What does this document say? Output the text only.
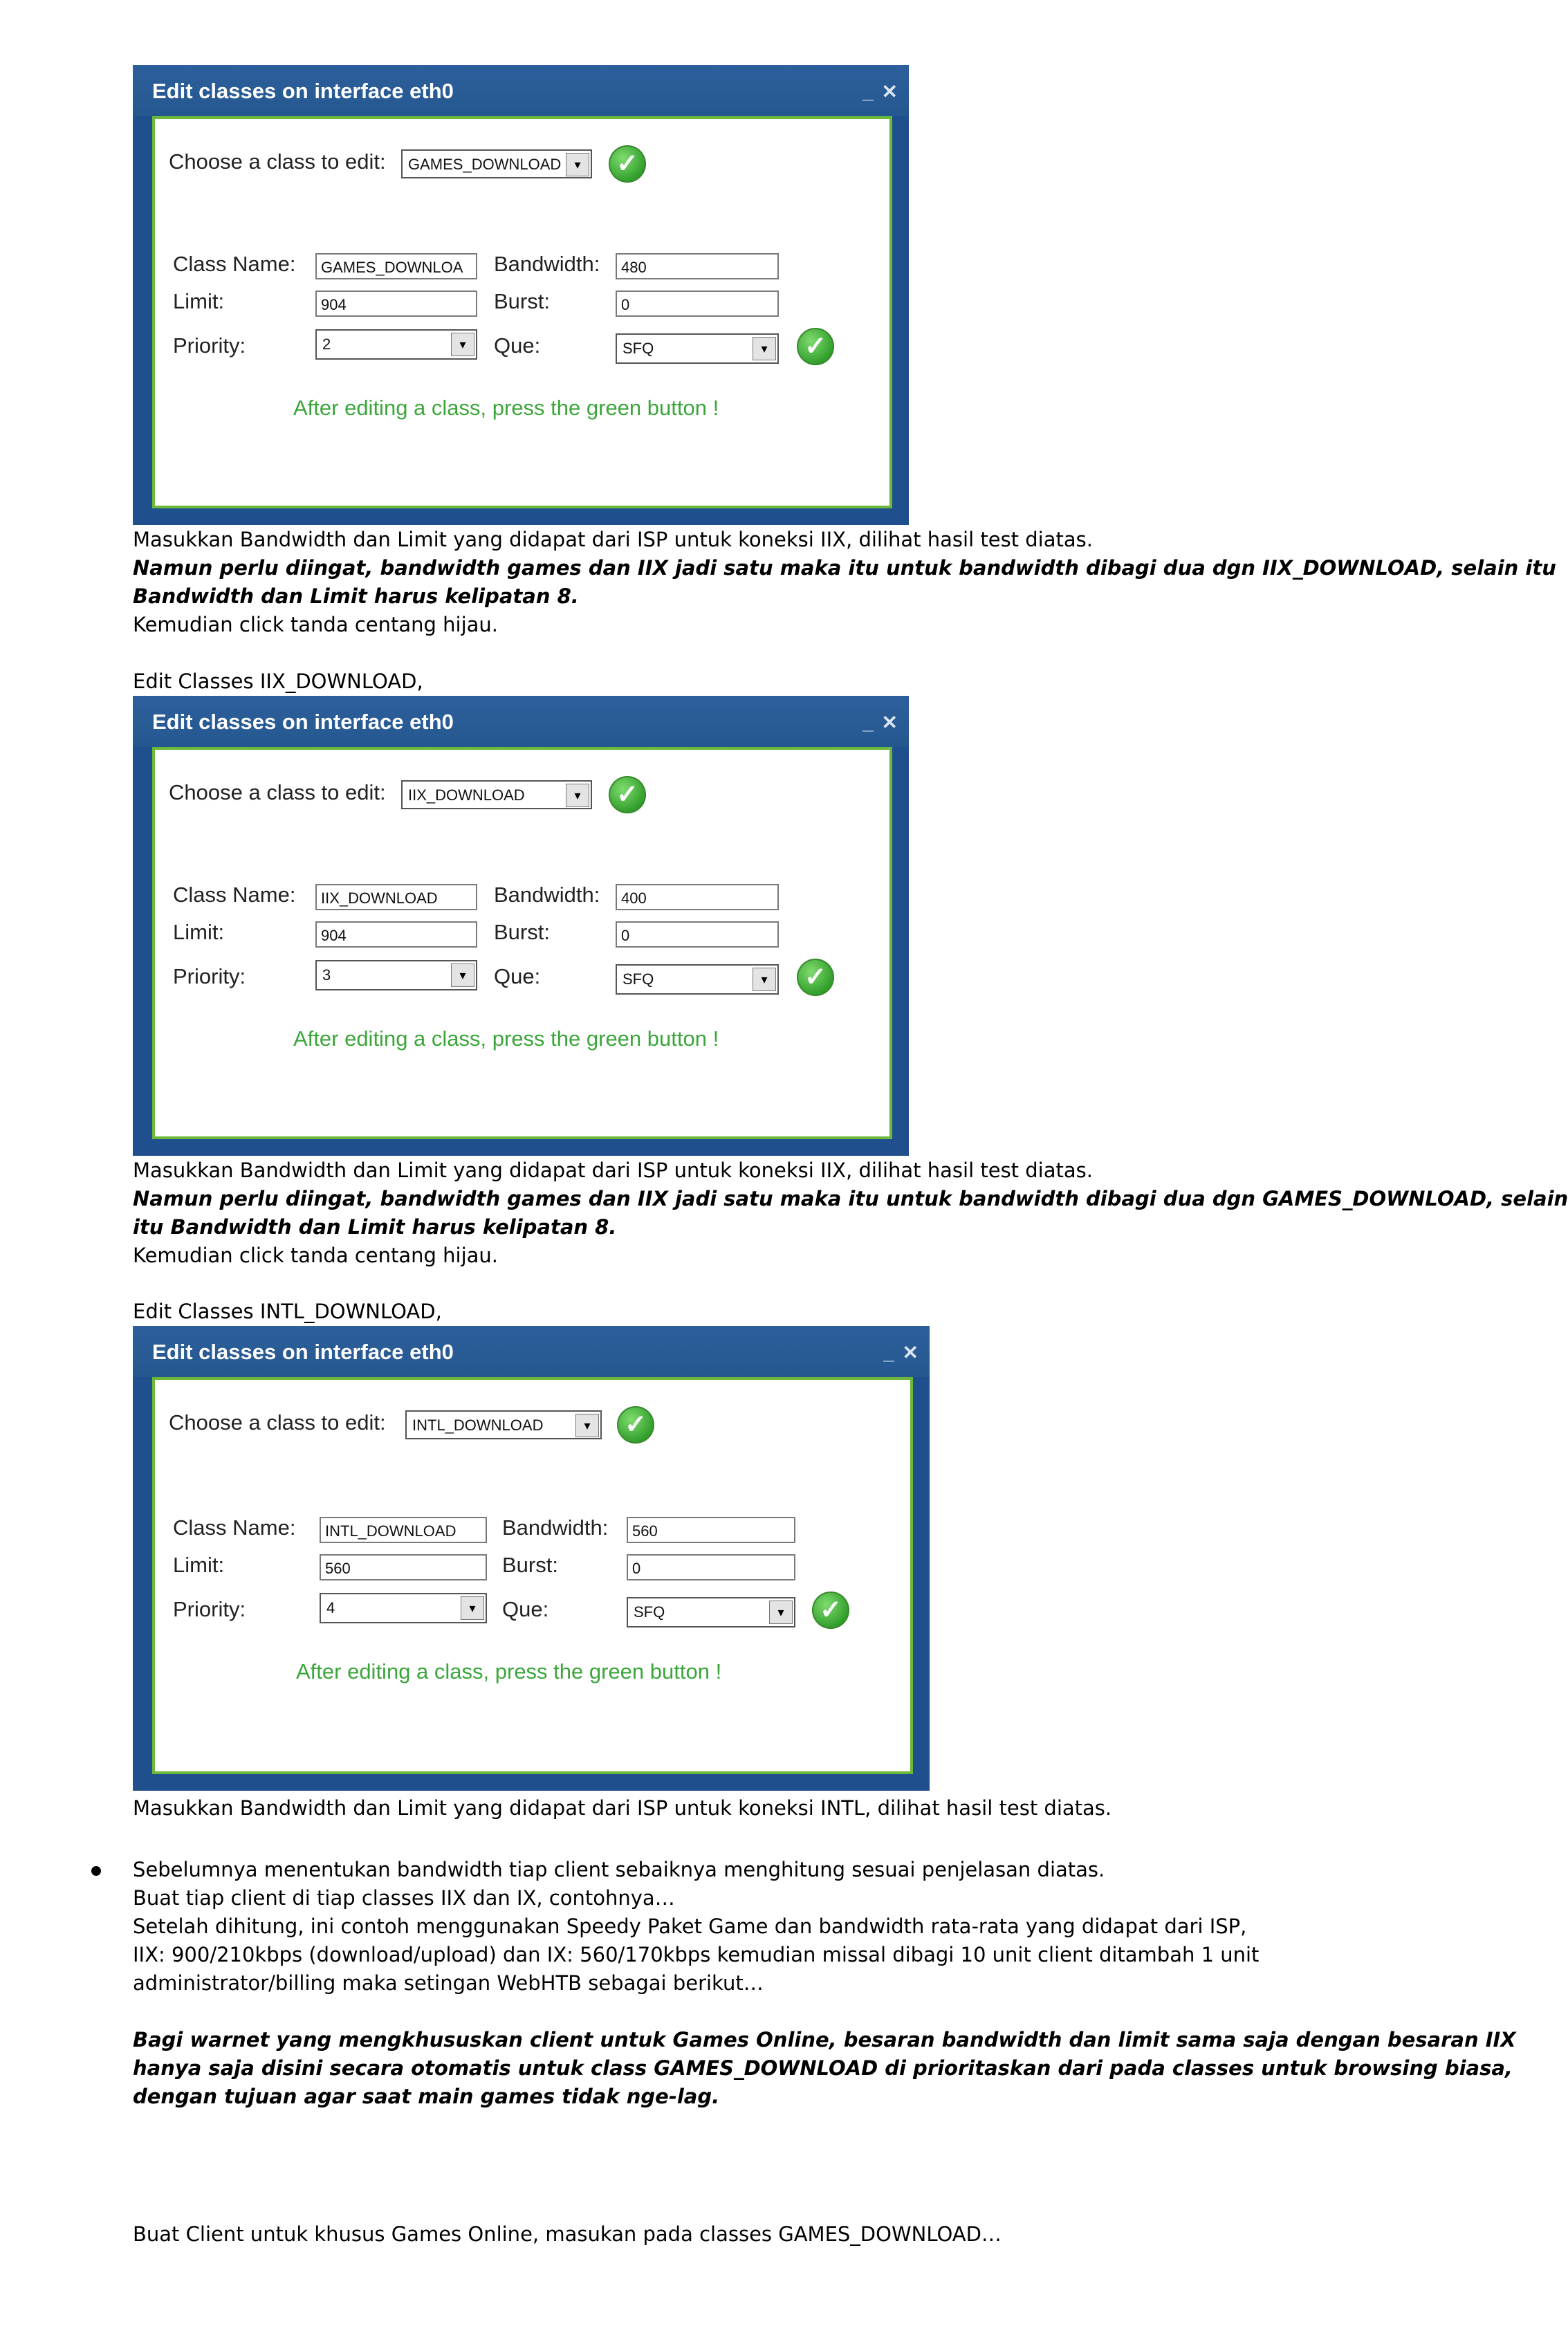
Edit classes on interface eth0	_ ✕
Choose a class to edit:	GAMES_DOWNLOAD	▾	✓
Class Name:	GAMES_DOWNLOA	Bandwidth:	480
Limit:	904	Burst:	0
Priority:	2	▾	Que:	SFQ	▾	✓
After editing a class, press the green button !
Masukkan Bandwidth dan Limit yang didapat dari ISP untuk koneksi IIX, dilihat hasil test diatas.
Namun perlu diingat, bandwidth games dan IIX jadi satu maka itu untuk bandwidth dibagi dua dgn IIX_DOWNLOAD, selain itu
Bandwidth dan Limit harus kelipatan 8.
Kemudian click tanda centang hijau.
Edit Classes IIX_DOWNLOAD,
Edit classes on interface eth0	_ ✕
Choose a class to edit:	IIX_DOWNLOAD	▾	✓
Class Name:	IIX_DOWNLOAD	Bandwidth:	400
Limit:	904	Burst:	0
Priority:	3	▾	Que:	SFQ	▾	✓
After editing a class, press the green button !
Masukkan Bandwidth dan Limit yang didapat dari ISP untuk koneksi IIX, dilihat hasil test diatas.
Namun perlu diingat, bandwidth games dan IIX jadi satu maka itu untuk bandwidth dibagi dua dgn GAMES_DOWNLOAD, selain
itu Bandwidth dan Limit harus kelipatan 8.
Kemudian click tanda centang hijau.
Edit Classes INTL_DOWNLOAD,
Edit classes on interface eth0	_ ✕
Choose a class to edit:	INTL_DOWNLOAD	▾	✓
Class Name:	INTL_DOWNLOAD	Bandwidth:	560
Limit:	560	Burst:	0
Priority:	4	▾	Que:	SFQ	▾	✓
After editing a class, press the green button !
Masukkan Bandwidth dan Limit yang didapat dari ISP untuk koneksi INTL, dilihat hasil test diatas.
Sebelumnya menentukan bandwidth tiap client sebaiknya menghitung sesuai penjelasan diatas.
Buat tiap client di tiap classes IIX dan IX, contohnya…
Setelah dihitung, ini contoh menggunakan Speedy Paket Game dan bandwidth rata-rata yang didapat dari ISP,
IIX: 900/210kbps (download/upload) dan IX: 560/170kbps kemudian missal dibagi 10 unit client ditambah 1 unit
administrator/billing maka setingan WebHTB sebagai berikut…
Bagi warnet yang mengkhususkan client untuk Games Online, besaran bandwidth dan limit sama saja dengan besaran IIX
hanya saja disini secara otomatis untuk class GAMES_DOWNLOAD di prioritaskan dari pada classes untuk browsing biasa,
dengan tujuan agar saat main games tidak nge-lag.
Buat Client untuk khusus Games Online, masukan pada classes GAMES_DOWNLOAD…
